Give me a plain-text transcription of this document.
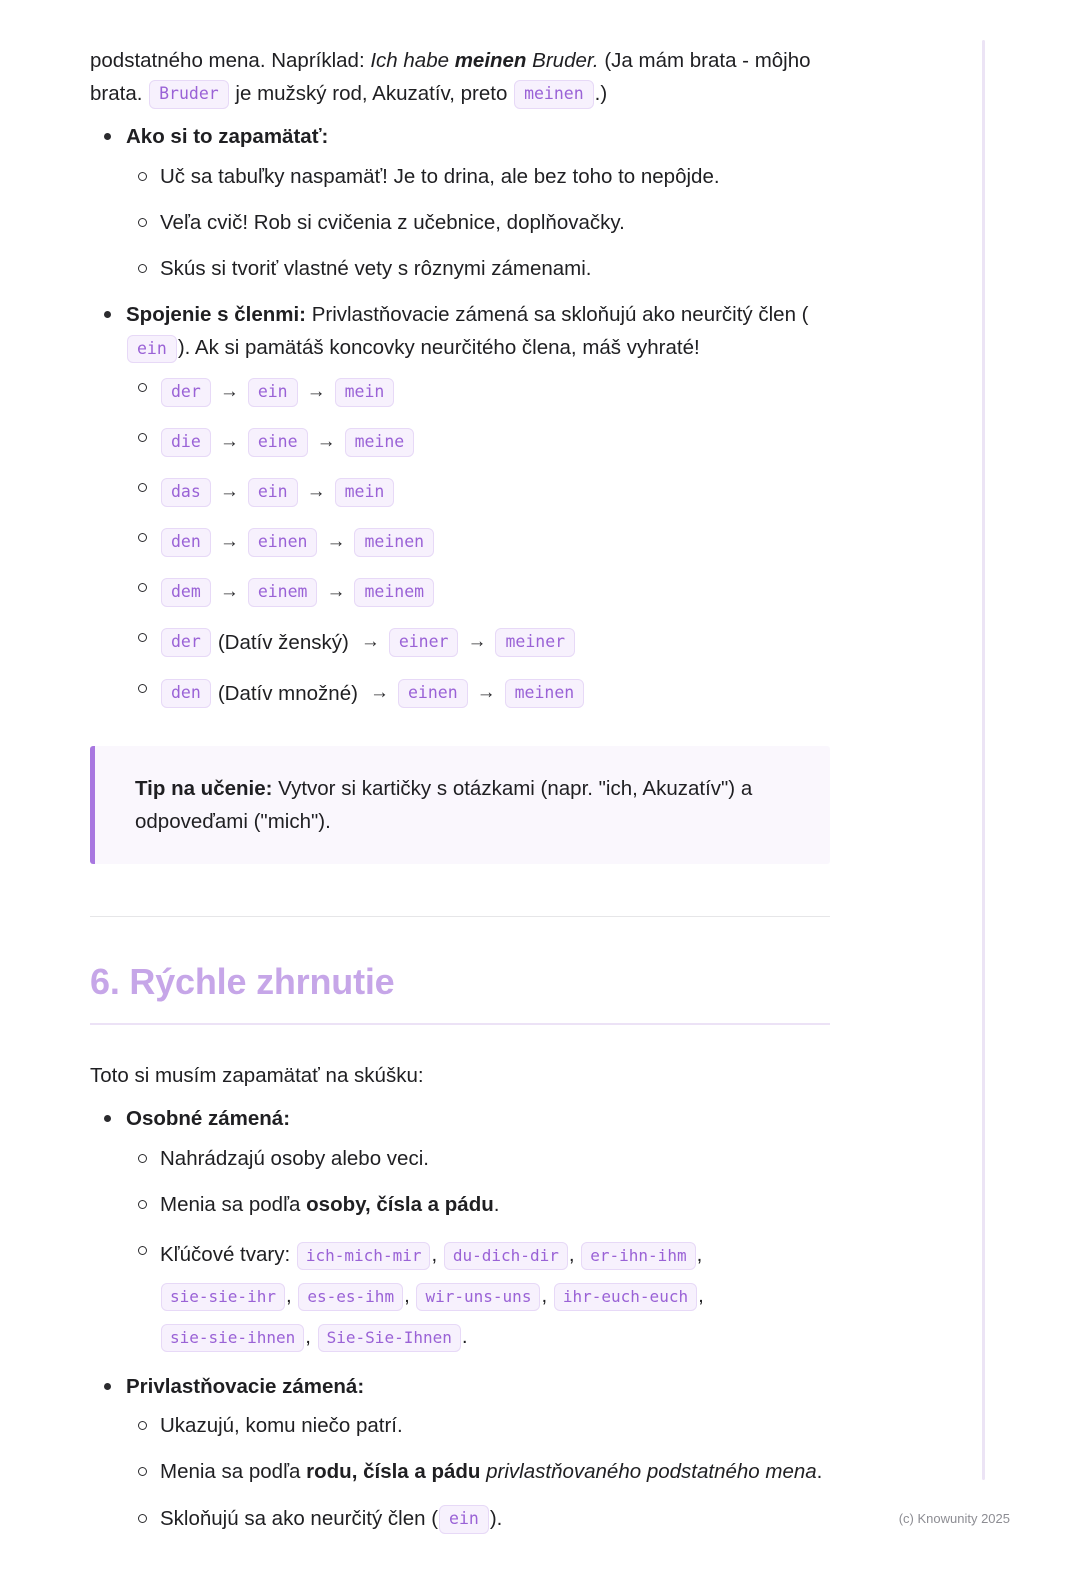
podstatného mena. Napríklad: Ich habe meinen Bruder. (Ja mám brata - môjho brata. Bruder je mužský rod, Akuzatív, preto meinen .)

Ako si to zapamätať:
Uč sa tabuľky naspamäť! Je to drina, ale bez toho to nepôjde.
Veľa cvič! Rob si cvičenia z učebnice, doplňovačky.
Skús si tvoriť vlastné vety s rôznymi zámenami.
Spojenie s členmi: Privlastňovacie zámená sa skloňujú ako neurčitý člen (ein ). Ak si pamätáš koncovky neurčitého člena, máš vyhraté!
der → ein → mein
die → eine → meine
das → ein → mein
den → einen → meinen
dem → einem → meinem
der (Datív ženský) → einer → meiner
den (Datív množné) → einen → meinen

Tip na učenie: Vytvor si kartičky s otázkami (napr. "ich, Akuzatív") a odpoveďami ("mich").

6. Rýchle zhrnutie

Toto si musím zapamätať na skúšku:

Osobné zámená:
Nahrádzajú osoby alebo veci.
Menia sa podľa osoby, čísla a pádu.
Kľúčové tvary: ich-mich-mir , du-dich-dir , er-ihn-ihm , sie-sie-ihr , es-es-ihm , wir-uns-uns , ihr-euch-euch , sie-sie-ihnen , Sie-Sie-Ihnen .
Privlastňovacie zámená:
Ukazujú, komu niečo patrí.
Menia sa podľa rodu, čísla a pádu privlastňovaného podstatného mena.
Skloňujú sa ako neurčitý člen ( ein ).	(c) Knowunity 2025
